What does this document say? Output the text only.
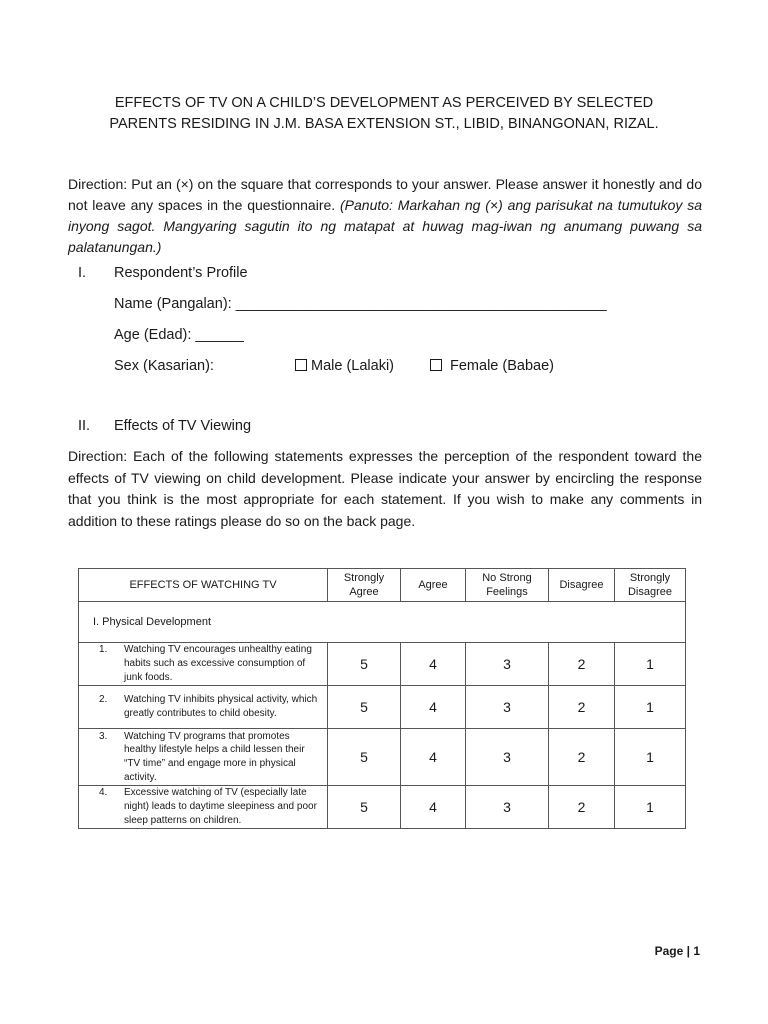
EFFECTS OF TV ON A CHILD’S DEVELOPMENT AS PERCEIVED BY SELECTED
PARENTS RESIDING IN J.M. BASA EXTENSION ST., LIBID, BINANGONAN, RIZAL.
Direction: Put an (×) on the square that corresponds to your answer. Please answer it honestly and do not leave any spaces in the questionnaire. (Panuto: Markahan ng (×) ang parisukat na tumutukoy sa inyong sagot. Mangyaring sagutin ito ng matapat at huwag mag-iwan ng anumang puwang sa palatanungan.)
I. Respondent’s Profile
Name (Pangalan): ______________________________________________
Age (Edad): ______
Sex (Kasarian):	Male (Lalaki)	Female (Babae)
II. Effects of TV Viewing
Direction: Each of the following statements expresses the perception of the respondent toward the effects of TV viewing on child development. Please indicate your answer by encircling the response that you think is the most appropriate for each statement. If you wish to make any comments in addition to these ratings please do so on the back page.
EFFECTS OF WATCHING TV	Strongly Agree	Agree	No Strong Feelings	Disagree	Strongly Disagree
I. Physical Development					

1. Watching TV encourages unhealthy eating habits such as excessive consumption of junk foods.	5	4	3	2	1

2. Watching TV inhibits physical activity, which greatly contributes to child obesity.	5	4	3	2	1

3. Watching TV programs that promotes healthy lifestyle helps a child lessen their “TV time” and engage more in physical activity.	5	4	3	2	1

4. Excessive watching of TV (especially late night) leads to daytime sleepiness and poor sleep patterns on children.	5	4	3	2	1
Page | 1
